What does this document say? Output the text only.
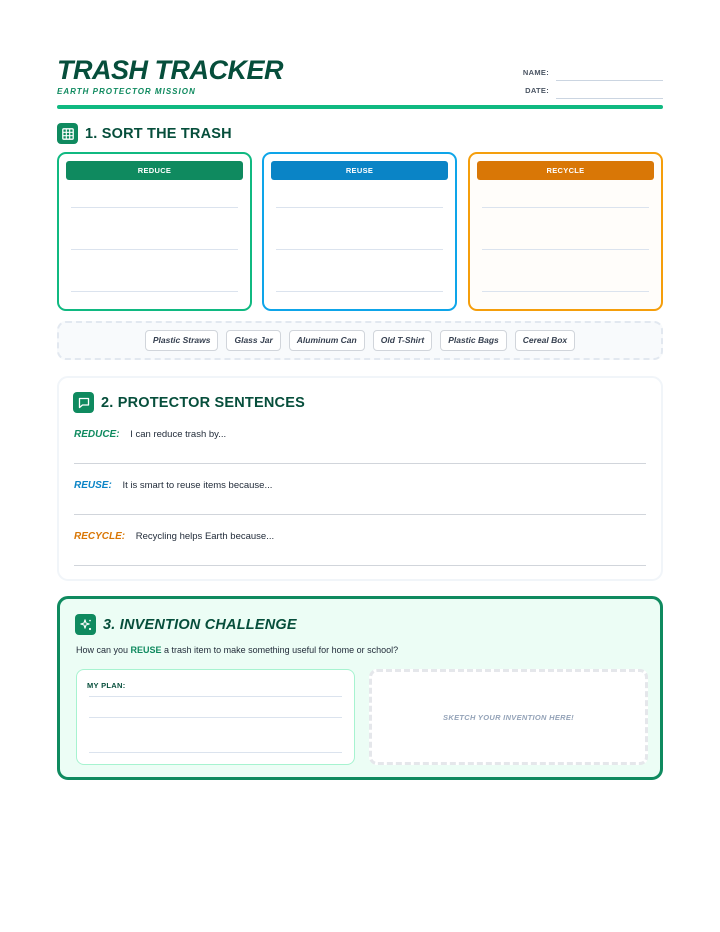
TRASH TRACKER
EARTH PROTECTOR MISSION
NAME:
DATE:
1. SORT THE TRASH
REDUCE	REUSE	RECYCLE
Plastic Straws	Glass Jar	Aluminum Can	Old T-Shirt	Plastic Bags	Cereal Box
2. PROTECTOR SENTENCES
REDUCE: I can reduce trash by...
REUSE: It is smart to reuse items because...
RECYCLE: Recycling helps Earth because...
3. INVENTION CHALLENGE
How can you REUSE a trash item to make something useful for home or school?
MY PLAN:
SKETCH YOUR INVENTION HERE!
